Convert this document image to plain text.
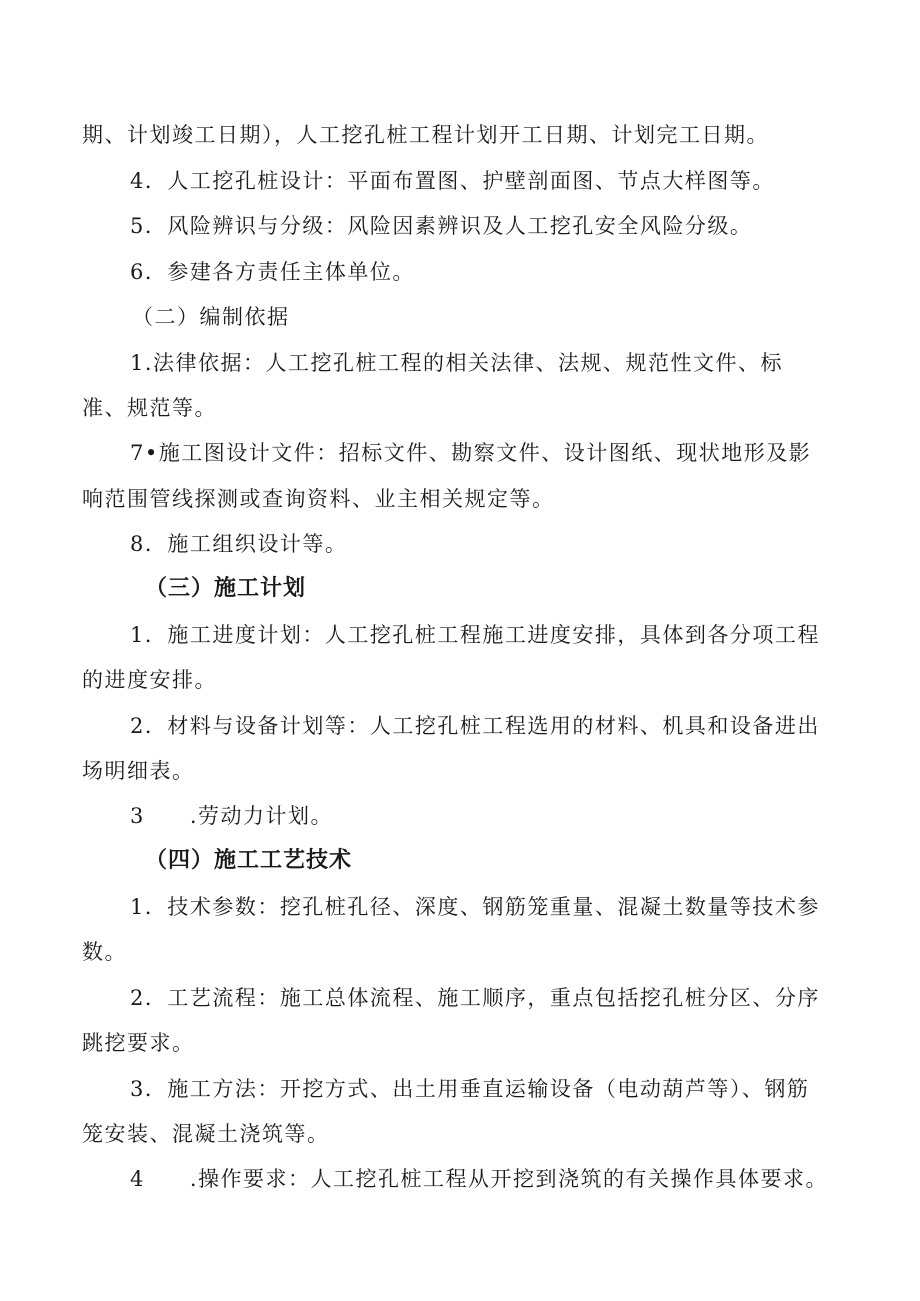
期、计划竣工日期），人工挖孔桩工程计划开工日期、计划完工日期。
4．人工挖孔桩设计：平面布置图、护壁剖面图、节点大样图等。
5．风险辨识与分级：风险因素辨识及人工挖孔安全风险分级。
6．参建各方责任主体单位。
（二）编制依据
1.法律依据：人工挖孔桩工程的相关法律、法规、规范性文件、标
准、规范等。
7•施工图设计文件：招标文件、勘察文件、设计图纸、现状地形及影
响范围管线探测或查询资料、业主相关规定等。
8．施工组织设计等。
（三）施工计划
1．施工进度计划：人工挖孔桩工程施工进度安排，具体到各分项工程
的进度安排。
2．材料与设备计划等：人工挖孔桩工程选用的材料、机具和设备进出
场明细表。
3　　.劳动力计划。
（四）施工工艺技术
1．技术参数：挖孔桩孔径、深度、钢筋笼重量、混凝土数量等技术参
数。
2．工艺流程：施工总体流程、施工顺序，重点包括挖孔桩分区、分序
跳挖要求。
3．施工方法：开挖方式、出土用垂直运输设备（电动葫芦等）、钢筋
笼安装、混凝土浇筑等。
4　　.操作要求：人工挖孔桩工程从开挖到浇筑的有关操作具体要求。
